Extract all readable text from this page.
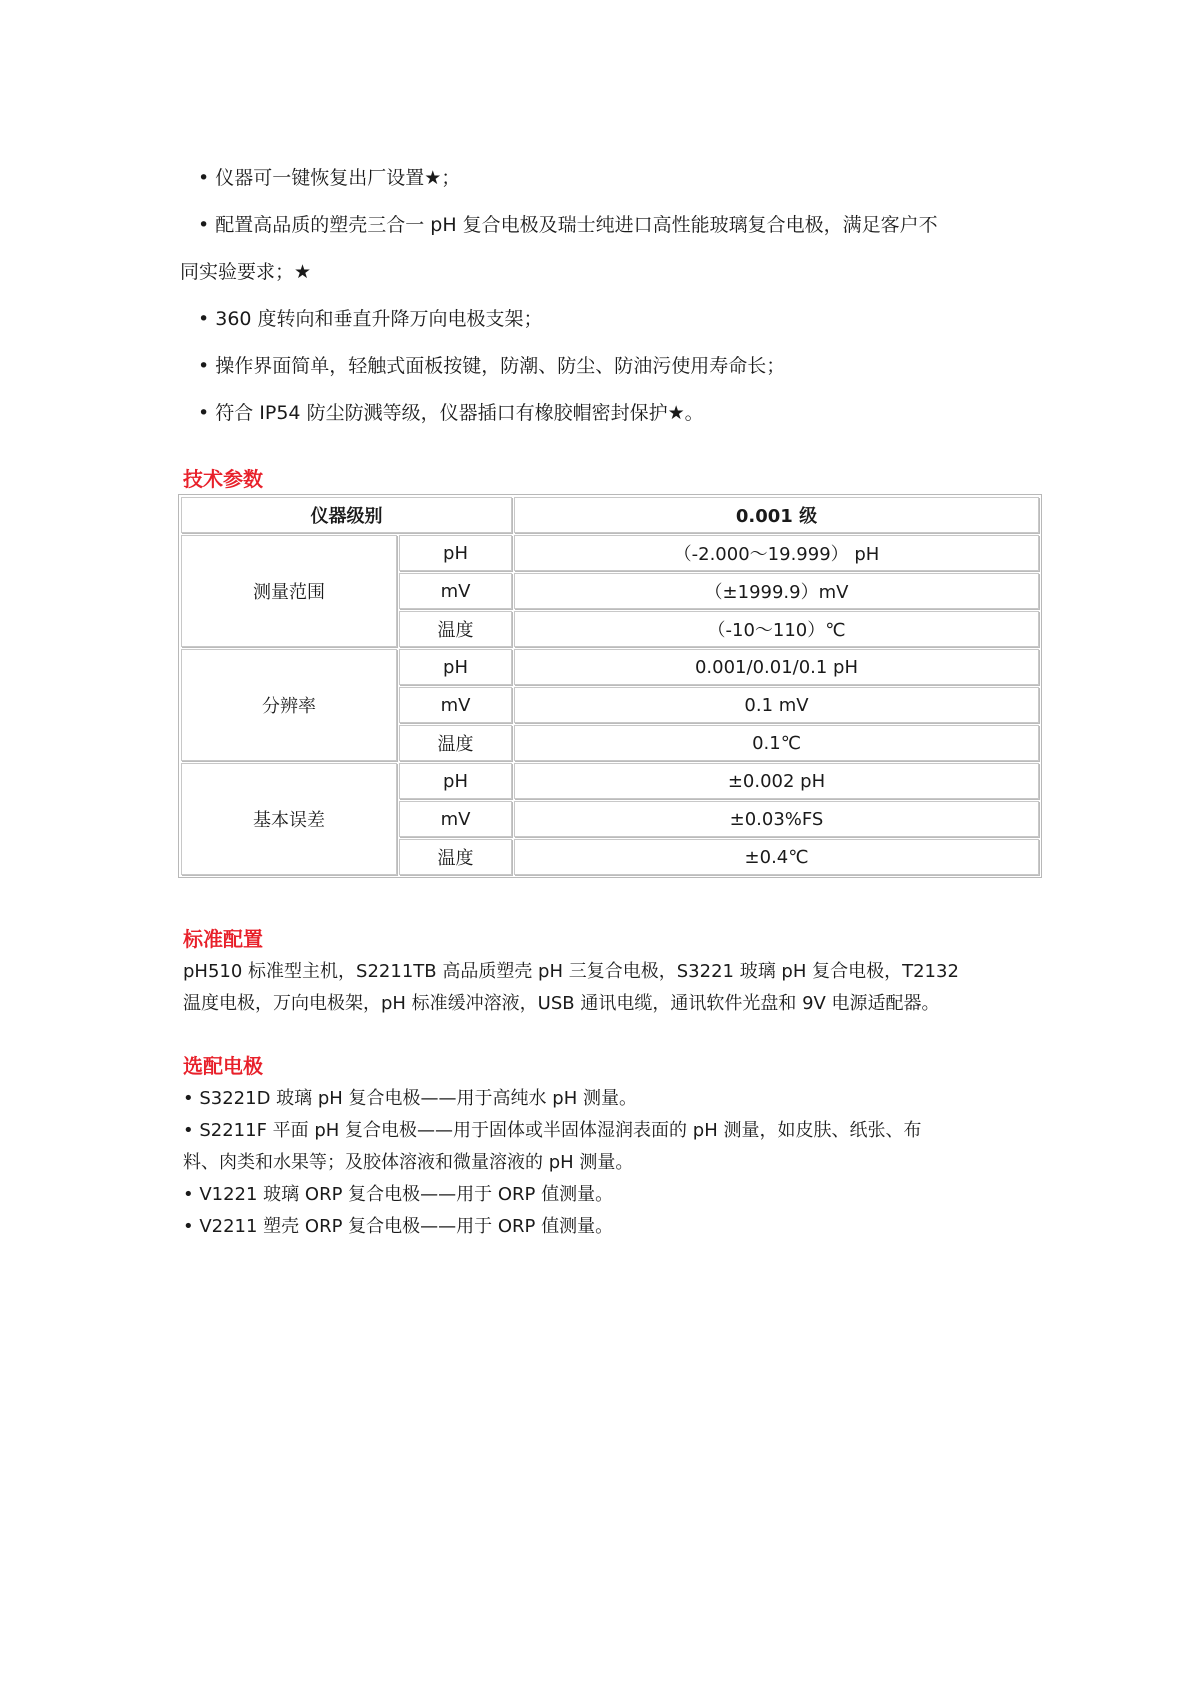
• 仪器可一键恢复出厂设置★；

• 配置高品质的塑壳三合一 pH 复合电极及瑞士纯进口高性能玻璃复合电极，满足客户不

同实验要求；★

• 360 度转向和垂直升降万向电极支架；

• 操作界面简单，轻触式面板按键，防潮、防尘、防油污使用寿命长；

• 符合 IP54 防尘防溅等级，仪器插口有橡胶帽密封保护★。

技术参数
仪器级别		0.001 级
测量范围	pH	（-2.000～19.999） pH
	mV	（±1999.9）mV
	温度	（-10～110）℃
分辨率	pH	0.001/0.01/0.1 pH
	mV	0.1 mV
	温度	0.1℃
基本误差	pH	±0.002 pH
	mV	±0.03%FS
	温度	±0.4℃
标准配置

pH510 标准型主机，S2211TB 高品质塑壳 pH 三复合电极，S3221 玻璃 pH 复合电极，T2132

温度电极，万向电极架，pH 标准缓冲溶液，USB 通讯电缆，通讯软件光盘和 9V 电源适配器。

选配电极

• S3221D 玻璃 pH 复合电极——用于高纯水 pH 测量。

• S2211F 平面 pH 复合电极——用于固体或半固体湿润表面的 pH 测量，如皮肤、纸张、布

料、肉类和水果等；及胶体溶液和微量溶液的 pH 测量。

• V1221 玻璃 ORP 复合电极——用于 ORP 值测量。

• V2211 塑壳 ORP 复合电极——用于 ORP 值测量。
